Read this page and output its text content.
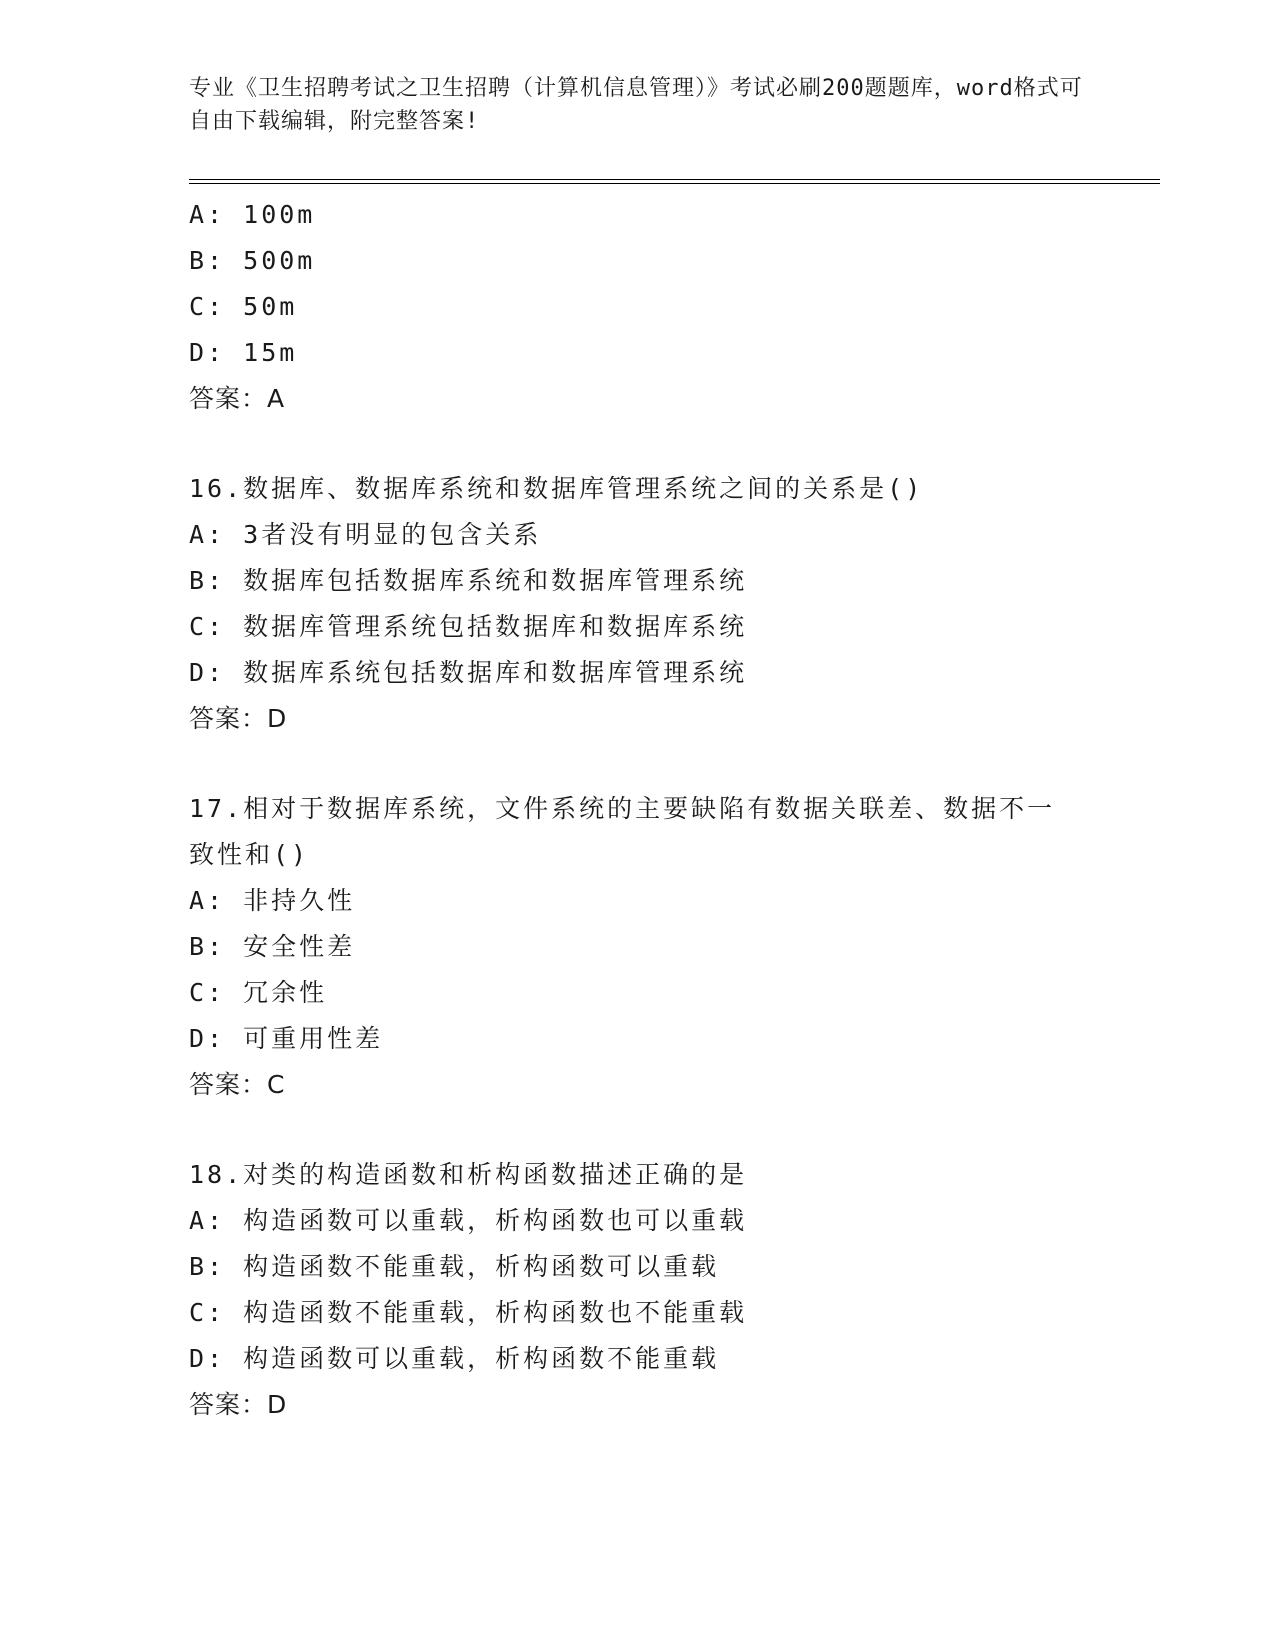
专业《卫生招聘考试之卫生招聘（计算机信息管理）》考试必刷200题题库，word格式可自由下载编辑，附完整答案!
A: 100m
B: 500m
C: 50m
D: 15m
答案：A
16.数据库、数据库系统和数据库管理系统之间的关系是()
A: 3者没有明显的包含关系
B: 数据库包括数据库系统和数据库管理系统
C: 数据库管理系统包括数据库和数据库系统
D: 数据库系统包括数据库和数据库管理系统
答案：D
17.相对于数据库系统，文件系统的主要缺陷有数据关联差、数据不一
致性和()
A: 非持久性
B: 安全性差
C: 冗余性
D: 可重用性差
答案：C
18.对类的构造函数和析构函数描述正确的是
A: 构造函数可以重载，析构函数也可以重载
B: 构造函数不能重载，析构函数可以重载
C: 构造函数不能重载，析构函数也不能重载
D: 构造函数可以重载，析构函数不能重载
答案：D
